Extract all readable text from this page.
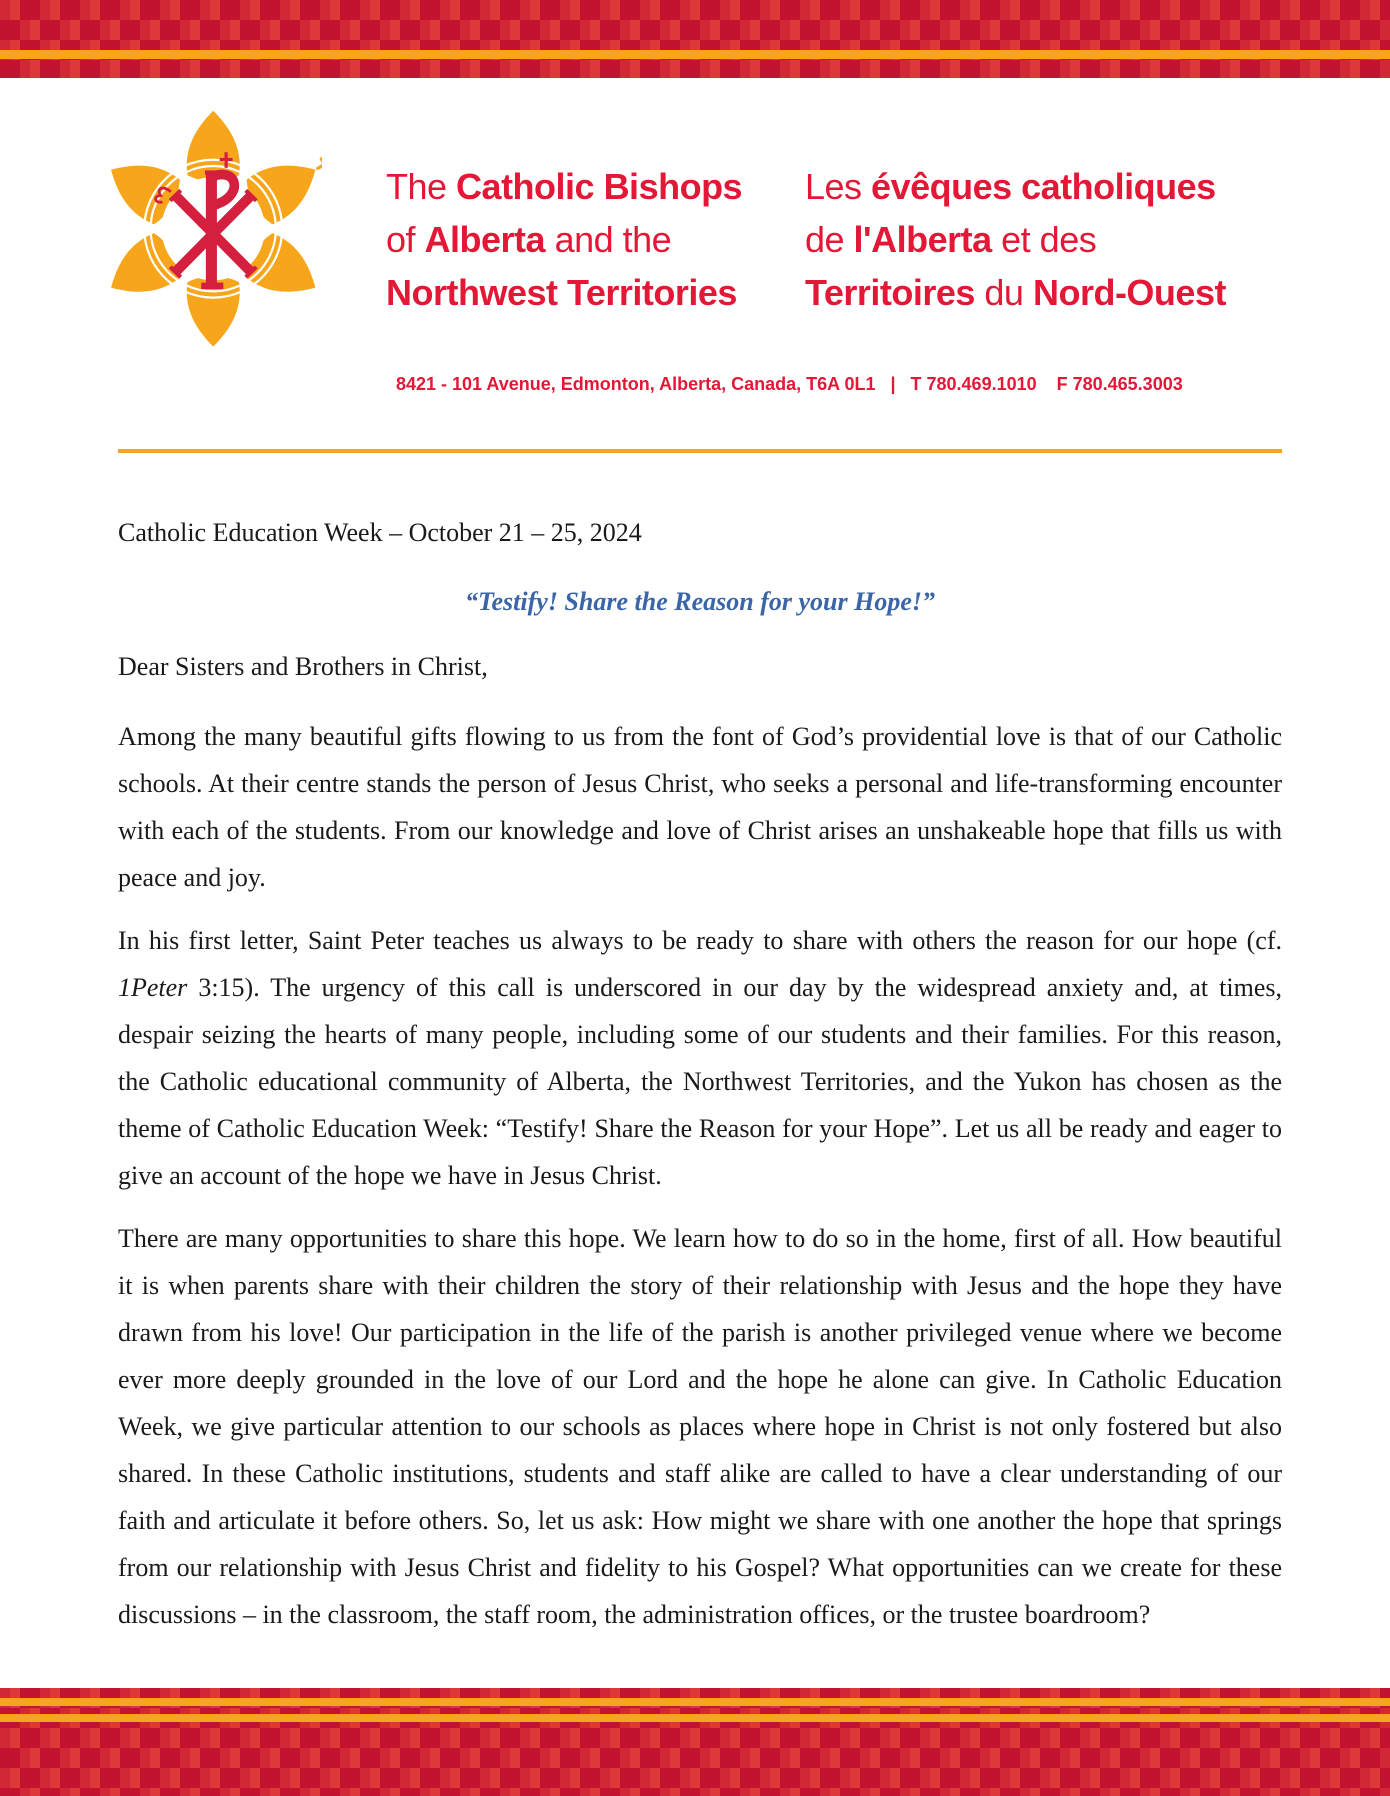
The Catholic Bishops
of Alberta and the
Northwest Territories
Les évêques catholiques
de l'Alberta et des
Territoires du Nord-Ouest
8421 - 101 Avenue, Edmonton, Alberta, Canada, T6A 0L1   |   T 780.469.1010    F 780.465.3003

Catholic Education Week – October 21 – 25, 2024

“Testify! Share the Reason for your Hope!”

Dear Sisters and Brothers in Christ,

Among the many beautiful gifts flowing to us from the font of God’s providential love is that of our Catholic schools. At their centre stands the person of Jesus Christ, who seeks a personal and life-transforming encounter with each of the students. From our knowledge and love of Christ arises an unshakeable hope that fills us with peace and joy.

In his first letter, Saint Peter teaches us always to be ready to share with others the reason for our hope (cf. 1Peter 3:15). The urgency of this call is underscored in our day by the widespread anxiety and, at times, despair seizing the hearts of many people, including some of our students and their families. For this reason, the Catholic educational community of Alberta, the Northwest Territories, and the Yukon has chosen as the theme of Catholic Education Week: “Testify! Share the Reason for your Hope”. Let us all be ready and eager to give an account of the hope we have in Jesus Christ.

There are many opportunities to share this hope. We learn how to do so in the home, first of all. How beautiful it is when parents share with their children the story of their relationship with Jesus and the hope they have drawn from his love! Our participation in the life of the parish is another privileged venue where we become ever more deeply grounded in the love of our Lord and the hope he alone can give. In Catholic Education Week, we give particular attention to our schools as places where hope in Christ is not only fostered but also shared. In these Catholic institutions, students and staff alike are called to have a clear understanding of our faith and articulate it before others. So, let us ask: How might we share with one another the hope that springs from our relationship with Jesus Christ and fidelity to his Gospel? What opportunities can we create for these discussions – in the classroom, the staff room, the administration offices, or the trustee boardroom?
